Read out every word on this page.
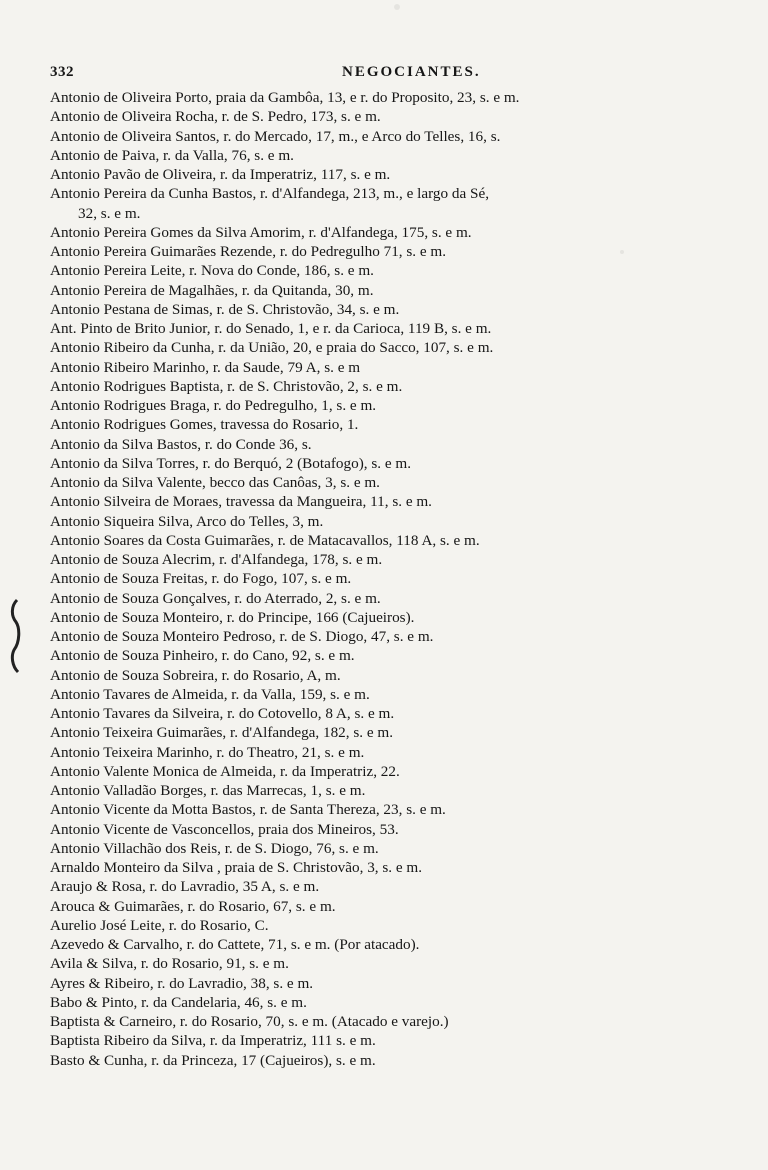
332	NEGOCIANTES.
Antonio de Oliveira Porto, praia da Gambôa, 13, e r. do Proposito, 23, s. e m.
Antonio de Oliveira Rocha, r. de S. Pedro, 173, s. e m.
Antonio de Oliveira Santos, r. do Mercado, 17, m., e Arco do Telles, 16, s.
Antonio de Paiva, r. da Valla, 76, s. e m.
Antonio Pavão de Oliveira, r. da Imperatriz, 117, s. e m.
Antonio Pereira da Cunha Bastos, r. d'Alfandega, 213, m., e largo da Sé,
32, s. e m.
Antonio Pereira Gomes da Silva Amorim, r. d'Alfandega, 175, s. e m.
Antonio Pereira Guimarães Rezende, r. do Pedregulho 71, s. e m.
Antonio Pereira Leite, r. Nova do Conde, 186, s. e m.
Antonio Pereira de Magalhães, r. da Quitanda, 30, m.
Antonio Pestana de Simas, r. de S. Christovão, 34, s. e m.
Ant. Pinto de Brito Junior, r. do Senado, 1, e r. da Carioca, 119 B, s. e m.
Antonio Ribeiro da Cunha, r. da União, 20, e praia do Sacco, 107, s. e m.
Antonio Ribeiro Marinho, r. da Saude, 79 A, s. e m
Antonio Rodrigues Baptista, r. de S. Christovão, 2, s. e m.
Antonio Rodrigues Braga, r. do Pedregulho, 1, s. e m.
Antonio Rodrigues Gomes, travessa do Rosario, 1.
Antonio da Silva Bastos, r. do Conde 36, s.
Antonio da Silva Torres, r. do Berquó, 2 (Botafogo), s. e m.
Antonio da Silva Valente, becco das Canôas, 3, s. e m.
Antonio Silveira de Moraes, travessa da Mangueira, 11, s. e m.
Antonio Siqueira Silva, Arco do Telles, 3, m.
Antonio Soares da Costa Guimarães, r. de Matacavallos, 118 A, s. e m.
Antonio de Souza Alecrim, r. d'Alfandega, 178, s. e m.
Antonio de Souza Freitas, r. do Fogo, 107, s. e m.
Antonio de Souza Gonçalves, r. do Aterrado, 2, s. e m.
Antonio de Souza Monteiro, r. do Principe, 166 (Cajueiros).
Antonio de Souza Monteiro Pedroso, r. de S. Diogo, 47, s. e m.
Antonio de Souza Pinheiro, r. do Cano, 92, s. e m.
Antonio de Souza Sobreira, r. do Rosario, A, m.
Antonio Tavares de Almeida, r. da Valla, 159, s. e m.
Antonio Tavares da Silveira, r. do Cotovello, 8 A, s. e m.
Antonio Teixeira Guimarães, r. d'Alfandega, 182, s. e m.
Antonio Teixeira Marinho, r. do Theatro, 21, s. e m.
Antonio Valente Monica de Almeida, r. da Imperatriz, 22.
Antonio Valladão Borges, r. das Marrecas, 1, s. e m.
Antonio Vicente da Motta Bastos, r. de Santa Thereza, 23, s. e m.
Antonio Vicente de Vasconcellos, praia dos Mineiros, 53.
Antonio Villachão dos Reis, r. de S. Diogo, 76, s. e m.
Arnaldo Monteiro da Silva , praia de S. Christovão, 3, s. e m.
Araujo & Rosa, r. do Lavradio, 35 A, s. e m.
Arouca & Guimarães, r. do Rosario, 67, s. e m.
Aurelio José Leite, r. do Rosario, C.
Azevedo & Carvalho, r. do Cattete, 71, s. e m. (Por atacado).
Avila & Silva, r. do Rosario, 91, s. e m.
Ayres & Ribeiro, r. do Lavradio, 38, s. e m.
Babo & Pinto, r. da Candelaria, 46, s. e m.
Baptista & Carneiro, r. do Rosario, 70, s. e m. (Atacado e varejo.)
Baptista Ribeiro da Silva, r. da Imperatriz, 111 s. e m.
Basto & Cunha, r. da Princeza, 17 (Cajueiros), s. e m.
